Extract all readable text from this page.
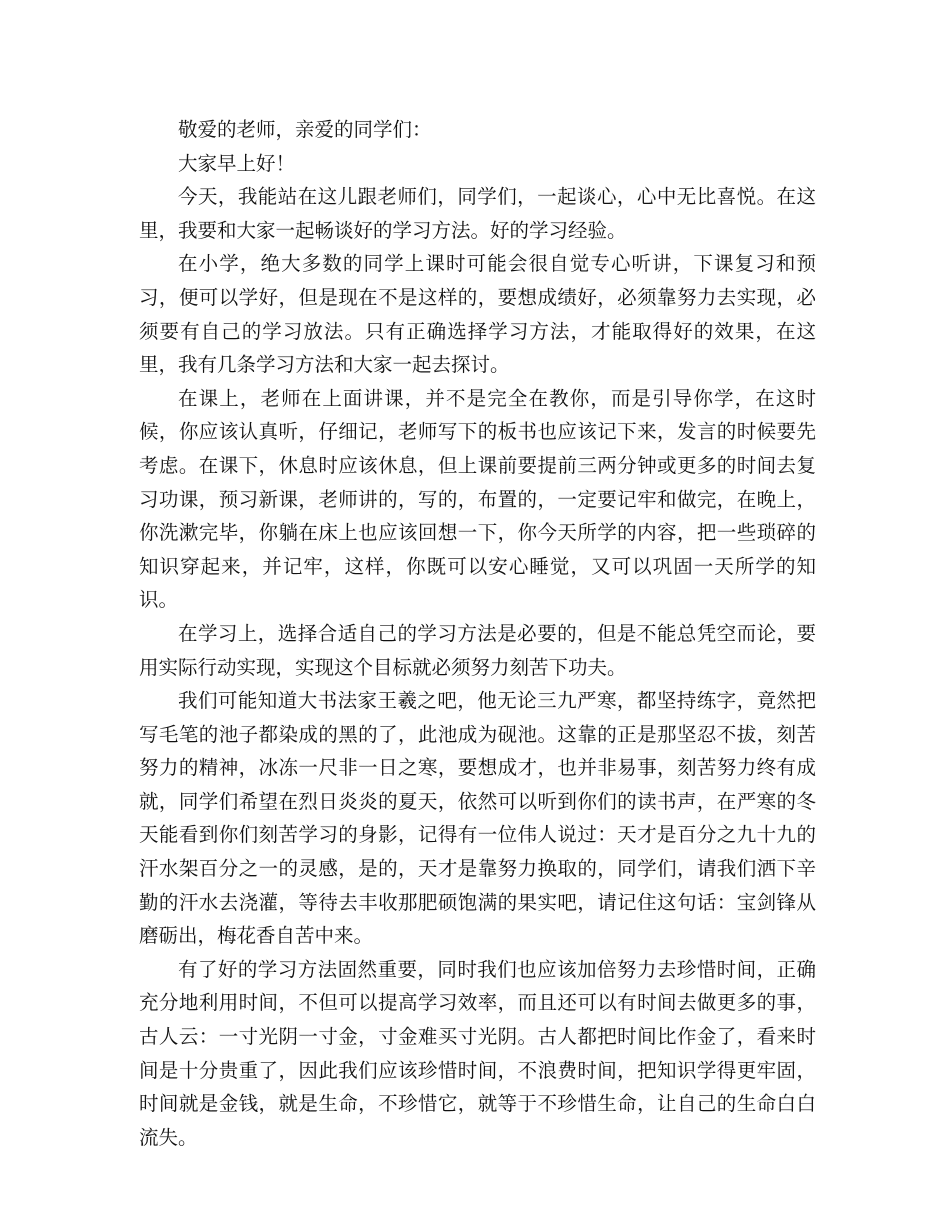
敬爱的老师，亲爱的同学们：

大家早上好！

今天，我能站在这儿跟老师们，同学们，一起谈心，心中无比喜悦。在这里，我要和大家一起畅谈好的学习方法。好的学习经验。

在小学，绝大多数的同学上课时可能会很自觉专心听讲，下课复习和预习，便可以学好，但是现在不是这样的，要想成绩好，必须靠努力去实现，必须要有自己的学习放法。只有正确选择学习方法，才能取得好的效果，在这里，我有几条学习方法和大家一起去探讨。

在课上，老师在上面讲课，并不是完全在教你，而是引导你学，在这时候，你应该认真听，仔细记，老师写下的板书也应该记下来，发言的时候要先考虑。在课下，休息时应该休息，但上课前要提前三两分钟或更多的时间去复习功课，预习新课，老师讲的，写的，布置的，一定要记牢和做完，在晚上，你洗漱完毕，你躺在床上也应该回想一下，你今天所学的内容，把一些琐碎的知识穿起来，并记牢，这样，你既可以安心睡觉，又可以巩固一天所学的知识。

在学习上，选择合适自己的学习方法是必要的，但是不能总凭空而论，要用实际行动实现，实现这个目标就必须努力刻苦下功夫。

我们可能知道大书法家王羲之吧，他无论三九严寒，都坚持练字，竟然把写毛笔的池子都染成的黑的了，此池成为砚池。这靠的正是那坚忍不拔，刻苦努力的精神，冰冻一尺非一日之寒，要想成才，也并非易事，刻苦努力终有成就，同学们希望在烈日炎炎的夏天，依然可以听到你们的读书声，在严寒的冬天能看到你们刻苦学习的身影，记得有一位伟人说过：天才是百分之九十九的汗水架百分之一的灵感，是的，天才是靠努力换取的，同学们，请我们洒下辛勤的汗水去浇灌，等待去丰收那肥硕饱满的果实吧，请记住这句话：宝剑锋从磨砺出，梅花香自苦中来。

有了好的学习方法固然重要，同时我们也应该加倍努力去珍惜时间，正确充分地利用时间，不但可以提高学习效率，而且还可以有时间去做更多的事，古人云：一寸光阴一寸金，寸金难买寸光阴。古人都把时间比作金了，看来时间是十分贵重了，因此我们应该珍惜时间，不浪费时间，把知识学得更牢固，时间就是金钱，就是生命，不珍惜它，就等于不珍惜生命，让自己的生命白白流失。
